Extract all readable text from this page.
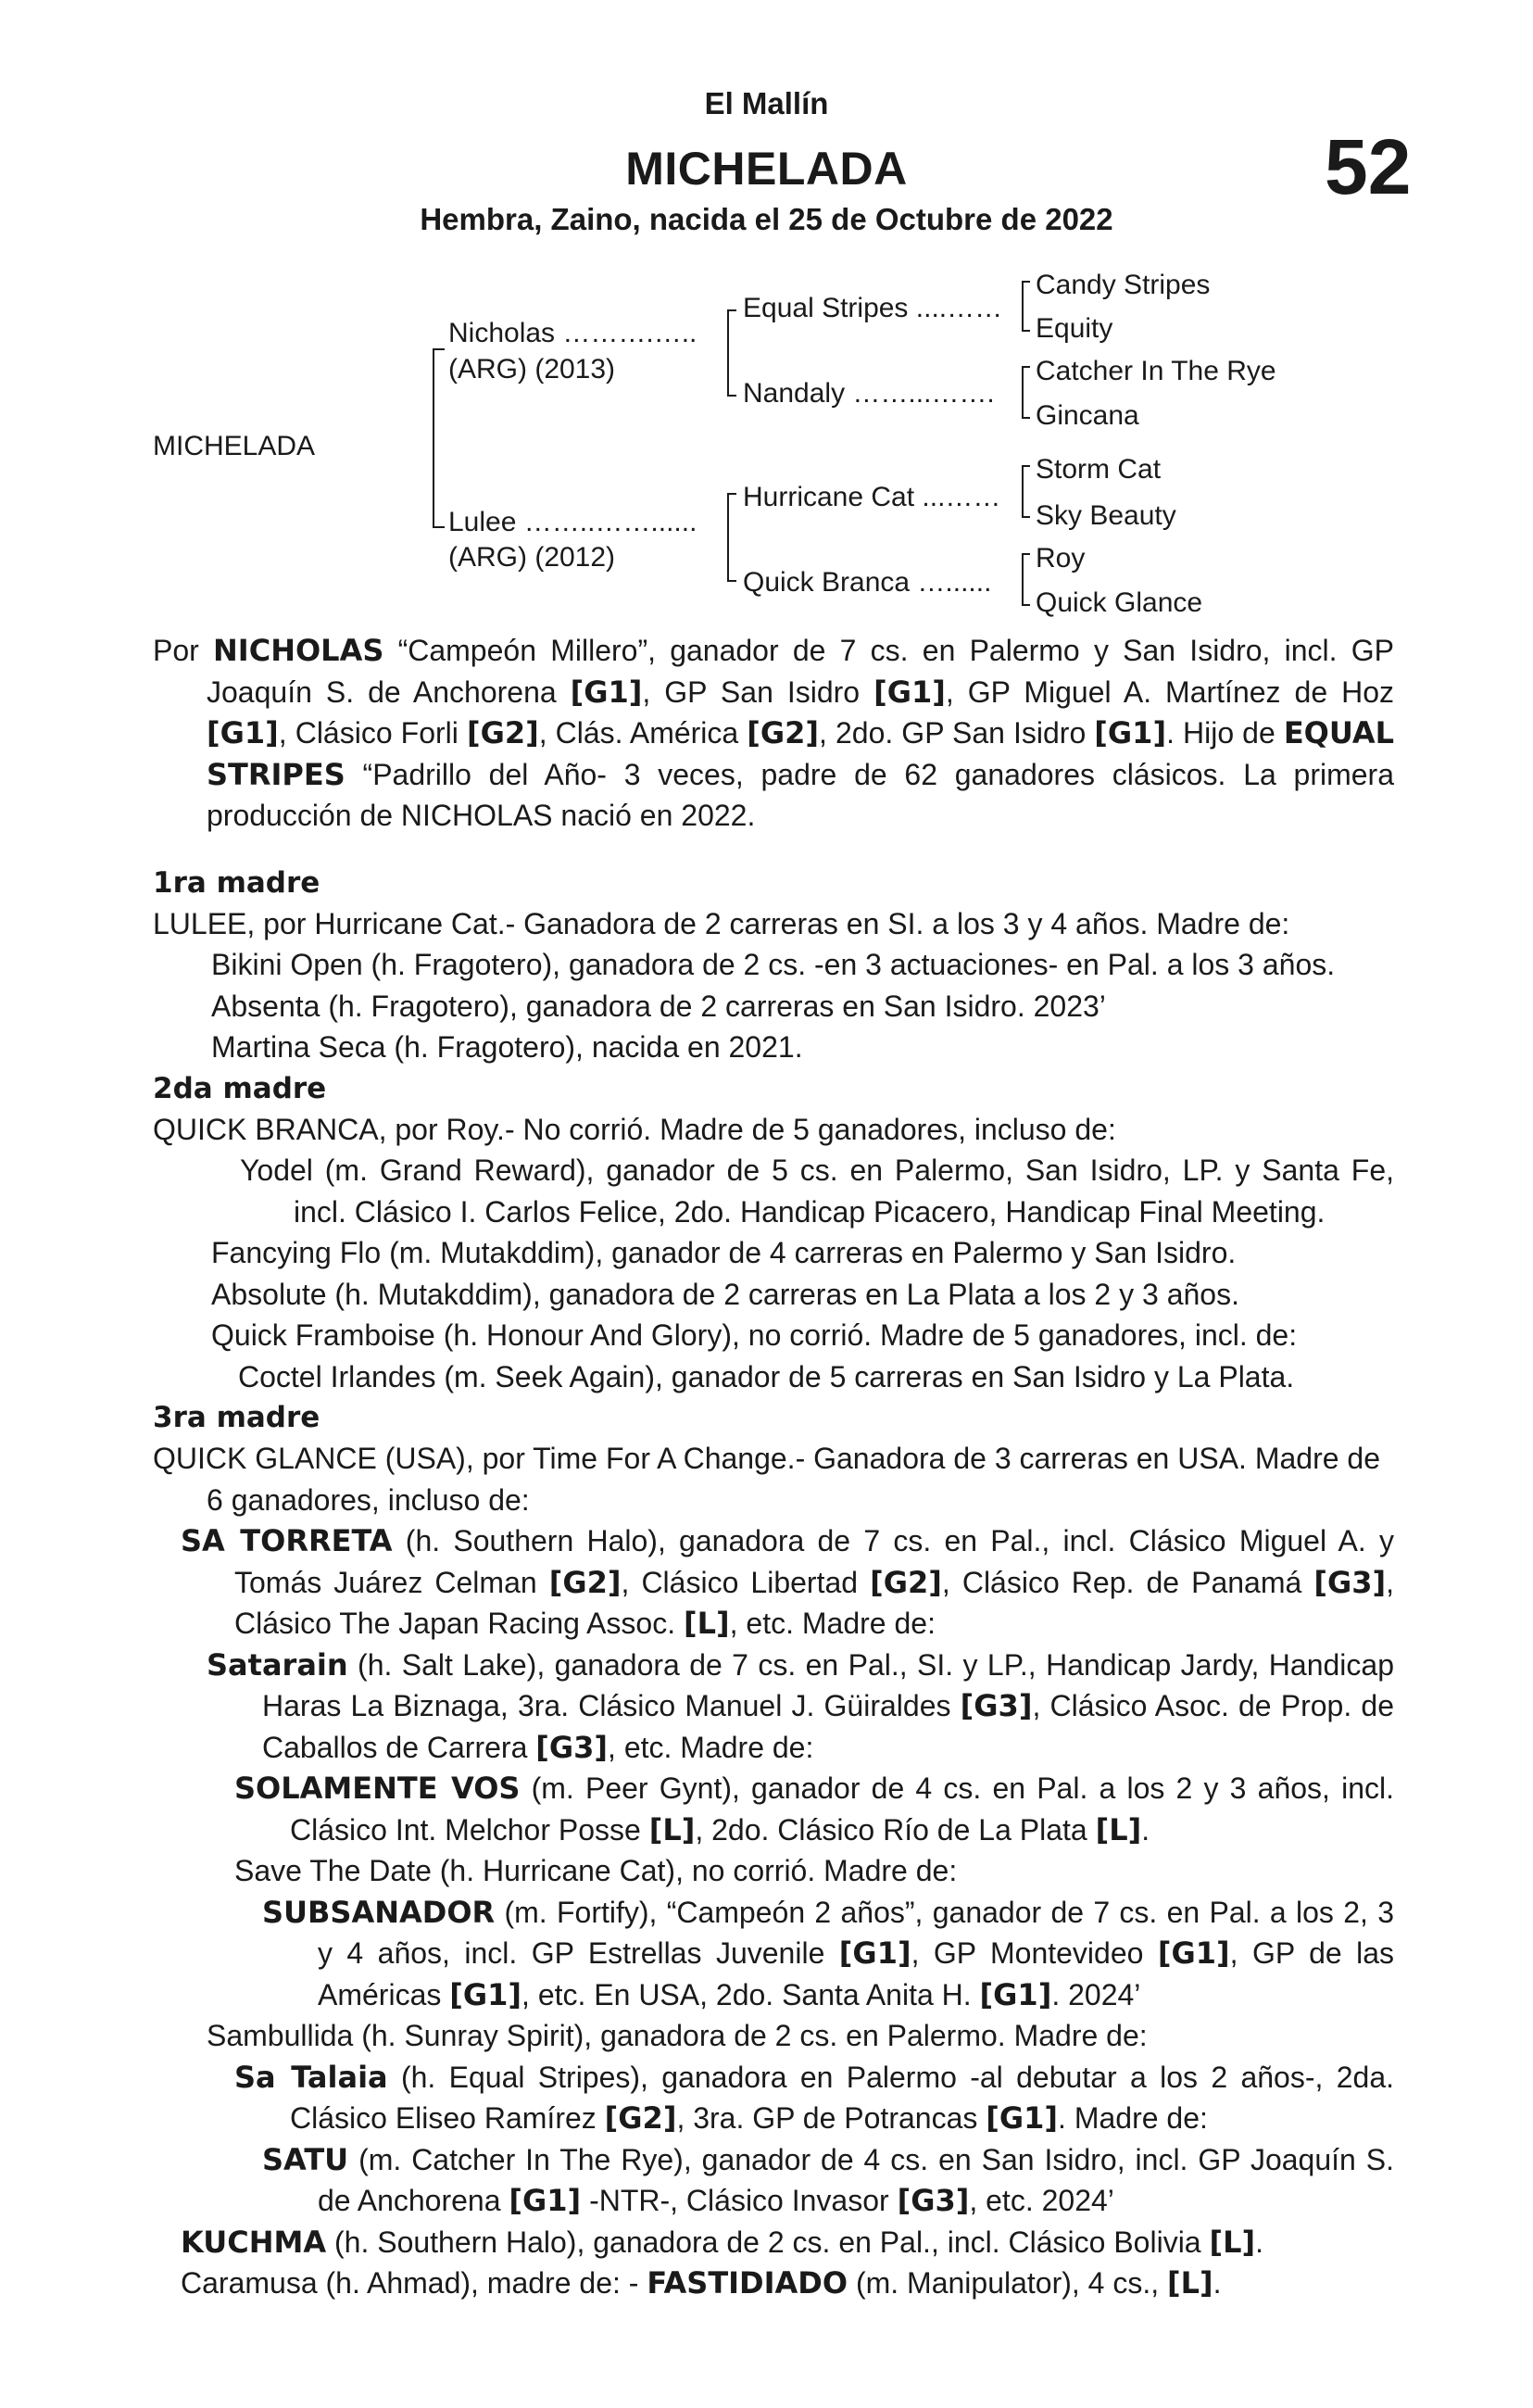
El Mallín
MICHELADA	52
Hembra, Zaino, nacida el 25 de Octubre de 2022
MICHELADA
Nicholas ……….…..
(ARG) (2013)
Lulee ……..……......
(ARG) (2012)
Equal Stripes ....……
Nandaly ……...…….
Hurricane Cat ...……
Quick Branca …......
Candy Stripes
Equity
Catcher In The Rye
Gincana
Storm Cat
Sky Beauty
Roy
Quick Glance

Por NICHOLAS “Campeón Millero”, ganador de 7 cs. en Palermo y San Isidro, incl. GP Joaquín S. de Anchorena [G1], GP San Isidro [G1], GP Miguel A. Martínez de Hoz [G1], Clásico Forli [G2], Clás. América [G2], 2do. GP San Isidro [G1]. Hijo de EQUAL STRIPES “Padrillo del Año- 3 veces, padre de 62 ganadores clásicos. La primera producción de NICHOLAS nació en 2022.

1ra madre

LULEE, por Hurricane Cat.- Ganadora de 2 carreras en SI. a los 3 y 4 años. Madre de:

Bikini Open (h. Fragotero), ganadora de 2 cs. -en 3 actuaciones- en Pal. a los 3 años.

Absenta (h. Fragotero), ganadora de 2 carreras en San Isidro. 2023’

Martina Seca (h. Fragotero), nacida en 2021.

2da madre

QUICK BRANCA, por Roy.- No corrió. Madre de 5 ganadores, incluso de:

Yodel (m. Grand Reward), ganador de 5 cs. en Palermo, San Isidro, LP. y Santa Fe, incl. Clásico I. Carlos Felice, 2do. Handicap Picacero, Handicap Final Meeting.

Fancying Flo (m. Mutakddim), ganador de 4 carreras en Palermo y San Isidro.

Absolute (h. Mutakddim), ganadora de 2 carreras en La Plata a los 2 y 3 años.

Quick Framboise (h. Honour And Glory), no corrió. Madre de 5 ganadores, incl. de:

Coctel Irlandes (m. Seek Again), ganador de 5 carreras en San Isidro y La Plata.

3ra madre

QUICK GLANCE (USA), por Time For A Change.- Ganadora de 3 carreras en USA. Madre de 6 ganadores, incluso de:

SA TORRETA (h. Southern Halo), ganadora de 7 cs. en Pal., incl. Clásico Miguel A. y Tomás Juárez Celman [G2], Clásico Libertad [G2], Clásico Rep. de Panamá [G3], Clásico The Japan Racing Assoc. [L], etc. Madre de:

Satarain (h. Salt Lake), ganadora de 7 cs. en Pal., SI. y LP., Handicap Jardy, Handicap Haras La Biznaga, 3ra. Clásico Manuel J. Güiraldes [G3], Clásico Asoc. de Prop. de Caballos de Carrera [G3], etc. Madre de:

SOLAMENTE VOS (m. Peer Gynt), ganador de 4 cs. en Pal. a los 2 y 3 años, incl. Clásico Int. Melchor Posse [L], 2do. Clásico Río de La Plata [L].

Save The Date (h. Hurricane Cat), no corrió. Madre de:

SUBSANADOR (m. Fortify), “Campeón 2 años”, ganador de 7 cs. en Pal. a los 2, 3 y 4 años, incl. GP Estrellas Juvenile [G1], GP Montevideo [G1], GP de las Américas [G1], etc. En USA, 2do. Santa Anita H. [G1]. 2024’

Sambullida (h. Sunray Spirit), ganadora de 2 cs. en Palermo. Madre de:

Sa Talaia (h. Equal Stripes), ganadora en Palermo -al debutar a los 2 años-, 2da. Clásico Eliseo Ramírez [G2], 3ra. GP de Potrancas [G1]. Madre de:

SATU (m. Catcher In The Rye), ganador de 4 cs. en San Isidro, incl. GP Joaquín S. de Anchorena [G1] -NTR-, Clásico Invasor [G3], etc. 2024’

KUCHMA (h. Southern Halo), ganadora de 2 cs. en Pal., incl. Clásico Bolivia [L].

Caramusa (h. Ahmad), madre de: - FASTIDIADO (m. Manipulator), 4 cs., [L].
